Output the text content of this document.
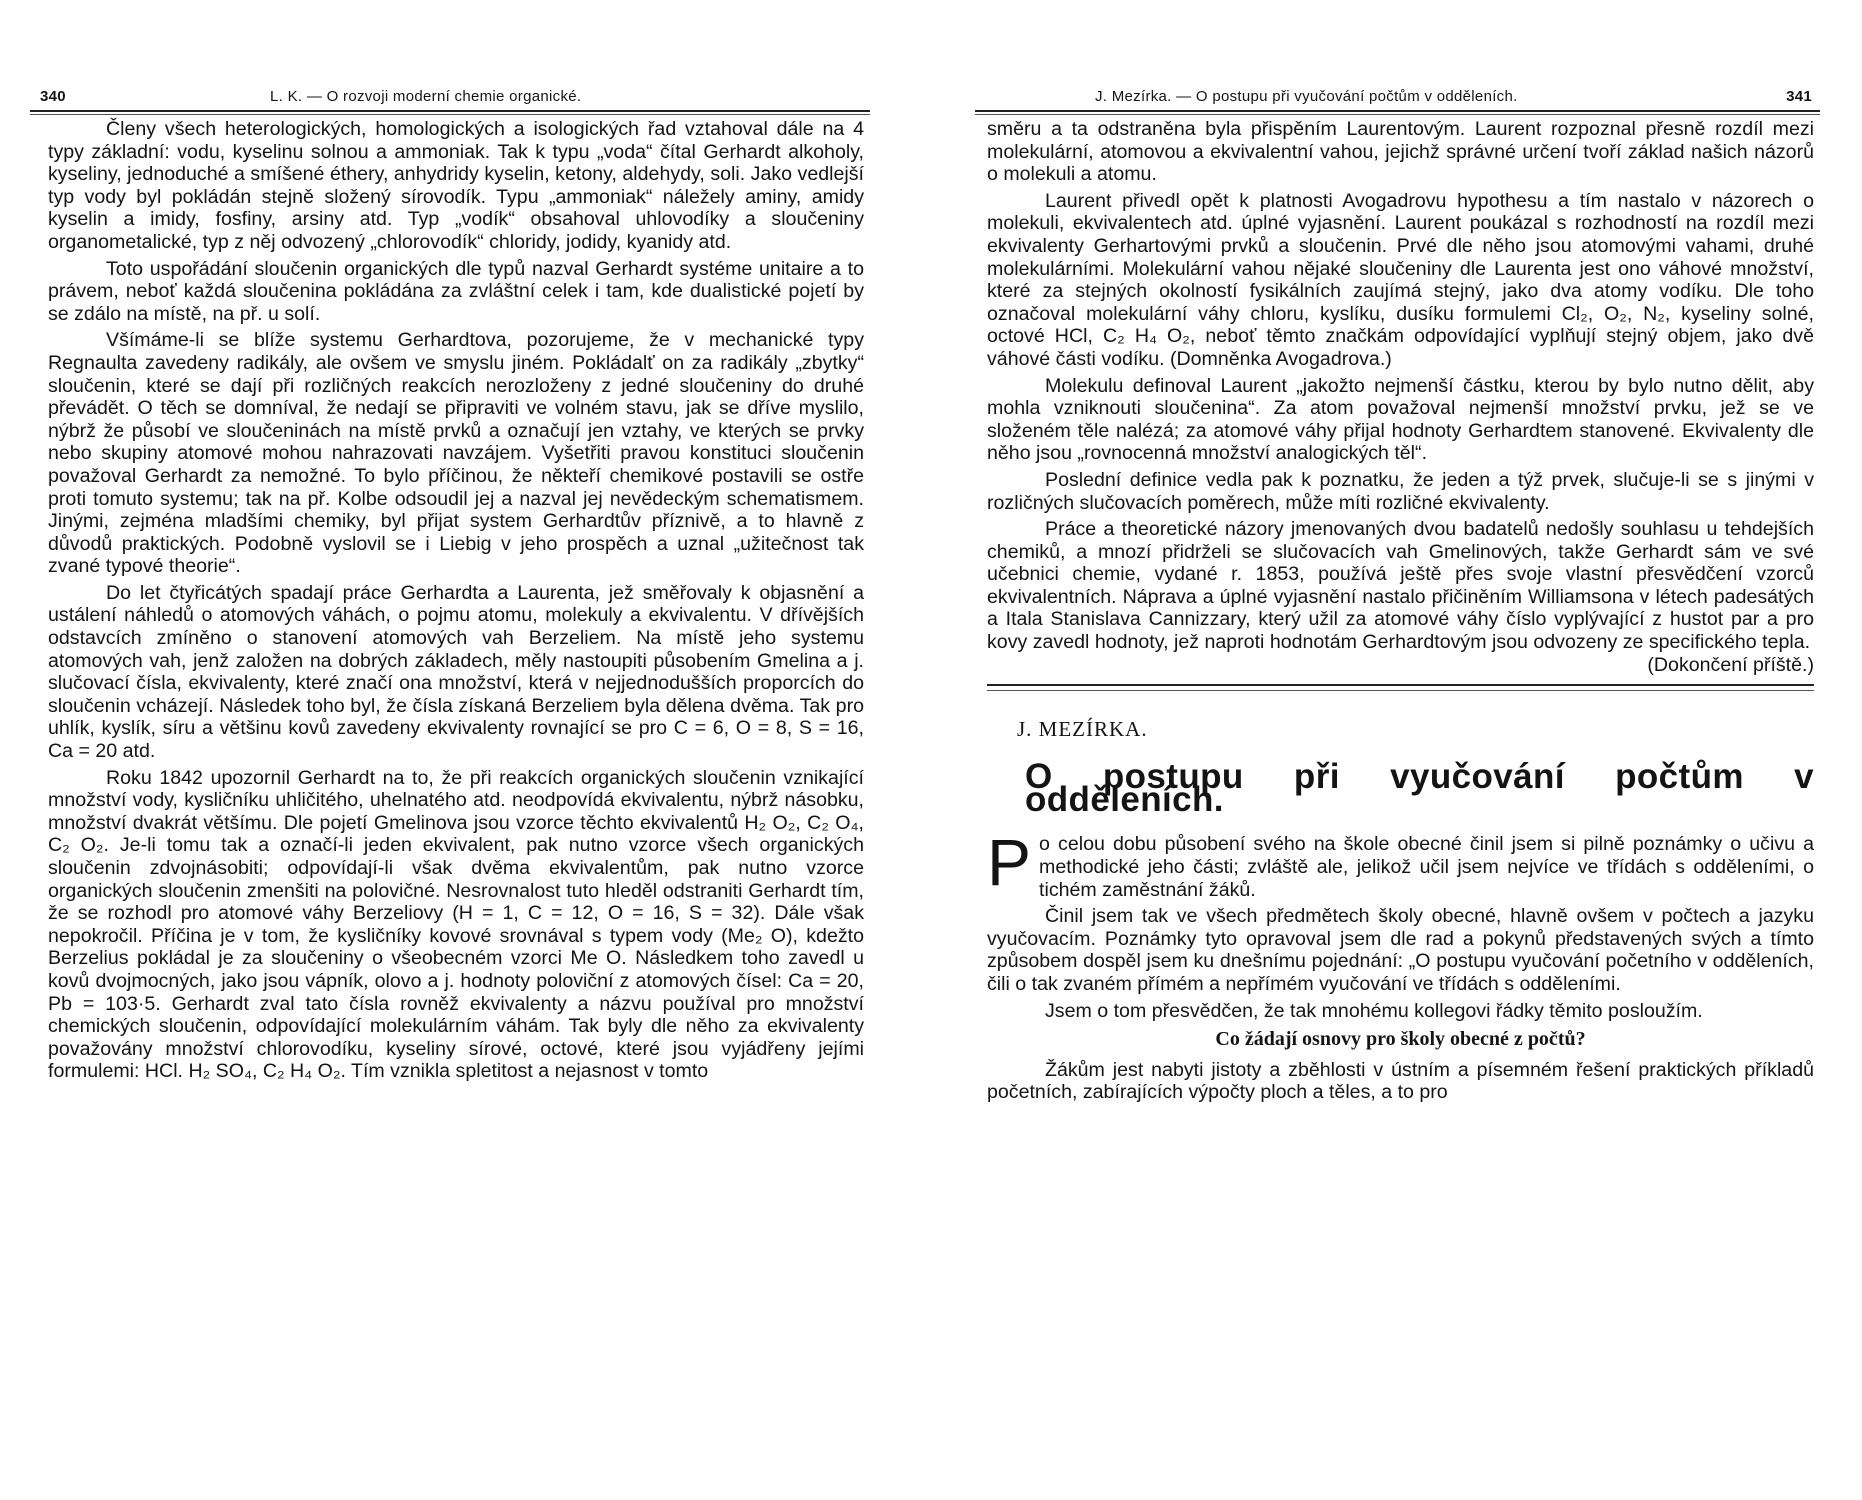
340	L. K. — O rozvoji moderní chemie organické.

Členy všech heterologických, homologických a isologických řad vztahoval dále na 4 typy základní: vodu, kyselinu solnou a ammoniak. Tak k typu „voda“ čítal Gerhardt alkoholy, kyseliny, jednoduché a smíšené éthery, anhydridy kyselin, ketony, aldehydy, soli. Jako vedlejší typ vody byl pokládán stejně složený sírovodík. Typu „ammoniak“ náležely aminy, amidy kyselin a imidy, fosfiny, arsiny atd. Typ „vodík“ obsahoval uhlovodíky a sloučeniny organometalické, typ z něj odvozený „chlorovodík“ chloridy, jodidy, kyanidy atd.

Toto uspořádání sloučenin organických dle typů nazval Gerhardt systéme unitaire a to právem, neboť každá sloučenina pokládána za zvláštní celek i tam, kde dualistické pojetí by se zdálo na místě, na př. u solí.

Všímáme-li se blíže systemu Gerhardtova, pozorujeme, že v mechanické typy Regnaulta zavedeny radikály, ale ovšem ve smyslu jiném. Pokládalť on za radikály „zbytky“ sloučenin, které se dají při rozličných reakcích nerozloženy z jedné sloučeniny do druhé převádět. O těch se domníval, že nedají se připraviti ve volném stavu, jak se dříve myslilo, nýbrž že působí ve sloučeninách na místě prvků a označují jen vztahy, ve kterých se prvky nebo skupiny atomové mohou nahrazovati navzájem. Vyšetřiti pravou konstituci sloučenin považoval Gerhardt za nemožné. To bylo příčinou, že někteří chemikové postavili se ostře proti tomuto systemu; tak na př. Kolbe odsoudil jej a nazval jej nevědeckým schematismem. Jinými, zejména mladšími chemiky, byl přijat system Gerhardtův příznivě, a to hlavně z důvodů praktických. Podobně vyslovil se i Liebig v jeho prospěch a uznal „užitečnost tak zvané typové theorie“.

Do let čtyřicátých spadají práce Gerhardta a Laurenta, jež směřovaly k objasnění a ustálení náhledů o atomových váhách, o pojmu atomu, molekuly a ekvivalentu. V dřívějších odstavcích zmíněno o stanovení atomových vah Berzeliem. Na místě jeho systemu atomových vah, jenž založen na dobrých základech, měly nastoupiti působením Gmelina a j. slučovací čísla, ekvivalenty, které značí ona množství, která v nejjednodušších proporcích do sloučenin vcházejí. Následek toho byl, že čísla získaná Berzeliem byla dělena dvěma. Tak pro uhlík, kyslík, síru a většinu kovů zavedeny ekvivalenty rovnající se pro C = 6, O = 8, S = 16, Ca = 20 atd.

Roku 1842 upozornil Gerhardt na to, že při reakcích organických sloučenin vznikající množství vody, kysličníku uhličitého, uhelnatého atd. neodpovídá ekvivalentu, nýbrž násobku, množství dvakrát většímu. Dle pojetí Gmelinova jsou vzorce těchto ekvivalentů H₂ O₂, C₂ O₄, C₂ O₂. Je-li tomu tak a označí-li jeden ekvivalent, pak nutno vzorce všech organických sloučenin zdvojnásobiti; odpovídají-li však dvěma ekvivalentům, pak nutno vzorce organických sloučenin zmenšiti na polovičné. Nesrovnalost tuto hleděl odstraniti Gerhardt tím, že se rozhodl pro atomové váhy Berzeliovy (H = 1, C = 12, O = 16, S = 32). Dále však nepokročil. Příčina je v tom, že kysličníky kovové srovnával s typem vody (Me₂ O), kdežto Berzelius pokládal je za sloučeniny o všeobecném vzorci Me O. Následkem toho zavedl u kovů dvojmocných, jako jsou vápník, olovo a j. hodnoty poloviční z atomových čísel: Ca = 20, Pb = 103·5. Gerhardt zval tato čísla rovněž ekvivalenty a názvu používal pro množství chemických sloučenin, odpovídající molekulárním váhám. Tak byly dle něho za ekvivalenty považovány množství chlorovodíku, kyseliny sírové, octové, které jsou vyjádřeny jejími formulemi: HCl. H₂ SO₄, C₂ H₄ O₂. Tím vznikla spletitost a nejasnost v tomto

J. Mezírka. — O postupu při vyučování počtům v odděleních.	341

směru a ta odstraněna byla přispěním Laurentovým. Laurent rozpoznal přesně rozdíl mezi molekulární, atomovou a ekvivalentní vahou, jejichž správné určení tvoří základ našich názorů o molekuli a atomu.

Laurent přivedl opět k platnosti Avogadrovu hypothesu a tím nastalo v názorech o molekuli, ekvivalentech atd. úplné vyjasnění. Laurent poukázal s rozhodností na rozdíl mezi ekvivalenty Gerhartovými prvků a sloučenin. Prvé dle něho jsou atomovými vahami, druhé molekulárními. Molekulární vahou nějaké sloučeniny dle Laurenta jest ono váhové množství, které za stejných okolností fysikálních zaujímá stejný, jako dva atomy vodíku. Dle toho označoval molekulární váhy chloru, kyslíku, dusíku formulemi Cl₂, O₂, N₂, kyseliny solné, octové HCl, C₂ H₄ O₂, neboť těmto značkám odpovídající vyplňují stejný objem, jako dvě váhové části vodíku. (Domněnka Avogadrova.)

Molekulu definoval Laurent „jakožto nejmenší částku, kterou by bylo nutno dělit, aby mohla vzniknouti sloučenina“. Za atom považoval nejmenší množství prvku, jež se ve složeném těle nalézá; za atomové váhy přijal hodnoty Gerhardtem stanovené. Ekvivalenty dle něho jsou „rovnocenná množství analogických těl“.

Poslední definice vedla pak k poznatku, že jeden a týž prvek, slučuje-li se s jinými v rozličných slučovacích poměrech, může míti rozličné ekvivalenty.

Práce a theoretické názory jmenovaných dvou badatelů nedošly souhlasu u tehdejších chemiků, a mnozí přidrželi se slučovacích vah Gmelinových, takže Gerhardt sám ve své učebnici chemie, vydané r. 1853, používá ještě přes svoje vlastní přesvědčení vzorců ekvivalentních. Náprava a úplné vyjasnění nastalo přičiněním Williamsona v létech padesátých a Itala Stanislava Cannizzary, který užil za atomové váhy číslo vyplývající z hustot par a pro kovy zavedl hodnoty, jež naproti hodnotám Gerhardtovým jsou odvozeny ze specifického tepla.
(Dokončení příště.)

J. MEZÍRKA.
O postupu při vyučování počtům v odděleních.

Po celou dobu působení svého na škole obecné činil jsem si pilně poznámky o učivu a methodické jeho části; zvláště ale, jelikož učil jsem nejvíce ve třídách s odděleními, o tichém zaměstnání žáků.

Činil jsem tak ve všech předmětech školy obecné, hlavně ovšem v počtech a jazyku vyučovacím. Poznámky tyto opravoval jsem dle rad a pokynů představených svých a tímto způsobem dospěl jsem ku dnešnímu pojednání: „O postupu vyučování početního v odděleních, čili o tak zvaném přímém a nepřímém vyučování ve třídách s odděleními.

Jsem o tom přesvědčen, že tak mnohému kollegovi řádky těmito posloužím.

Co žádají osnovy pro školy obecné z počtů?

Žákům jest nabyti jistoty a zběhlosti v ústním a písemném řešení praktických příkladů početních, zabírajících výpočty ploch a těles, a to pro
